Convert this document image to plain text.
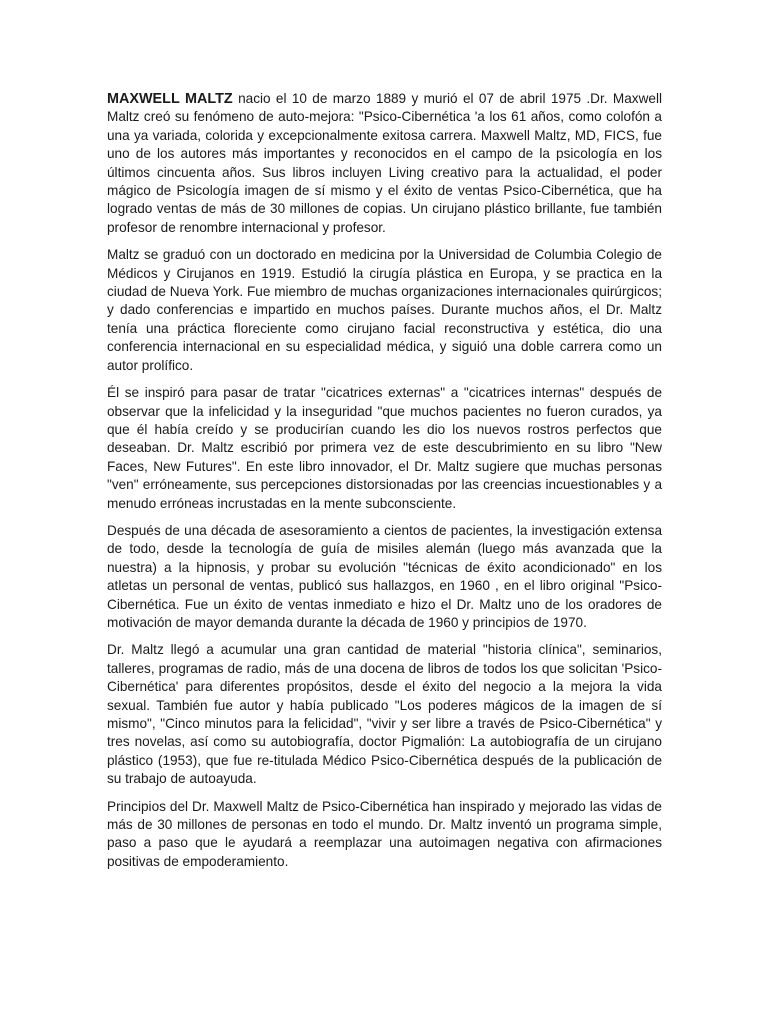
MAXWELL MALTZ nacio el 10 de marzo 1889 y murió el 07 de abril 1975 .Dr. Maxwell Maltz creó su fenómeno de auto-mejora: "Psico-Cibernética 'a los 61 años, como colofón a una ya variada, colorida y excepcionalmente exitosa carrera. Maxwell Maltz, MD, FICS, fue uno de los autores más importantes y reconocidos en el campo de la psicología en los últimos cincuenta años. Sus libros incluyen Living creativo para la actualidad, el poder mágico de Psicología imagen de sí mismo y el éxito de ventas Psico-Cibernética, que ha logrado ventas de más de 30 millones de copias. Un cirujano plástico brillante, fue también profesor de renombre internacional y profesor.

Maltz se graduó con un doctorado en medicina por la Universidad de Columbia Colegio de Médicos y Cirujanos en 1919. Estudió la cirugía plástica en Europa, y se practica en la ciudad de Nueva York. Fue miembro de muchas organizaciones internacionales quirúrgicos; y dado conferencias e impartido en muchos países. Durante muchos años, el Dr. Maltz tenía una práctica floreciente como cirujano facial reconstructiva y estética, dio una conferencia internacional en su especialidad médica, y siguió una doble carrera como un autor prolífico.

Él se inspiró para pasar de tratar "cicatrices externas" a "cicatrices internas" después de observar que la infelicidad y la inseguridad "que muchos pacientes no fueron curados, ya que él había creído y se producirían cuando les dio los nuevos rostros perfectos que deseaban. Dr. Maltz escribió por primera vez de este descubrimiento en su libro "New Faces, New Futures". En este libro innovador, el Dr. Maltz sugiere que muchas personas "ven" erróneamente, sus percepciones distorsionadas por las creencias incuestionables y a menudo erróneas incrustadas en la mente subconsciente.

Después de una década de asesoramiento a cientos de pacientes, la investigación extensa de todo, desde la tecnología de guía de misiles alemán (luego más avanzada que la nuestra) a la hipnosis, y probar su evolución "técnicas de éxito acondicionado" en los atletas un personal de ventas, publicó sus hallazgos, en 1960 , en el libro original "Psico-Cibernética. Fue un éxito de ventas inmediato e hizo el Dr. Maltz uno de los oradores de motivación de mayor demanda durante la década de 1960 y principios de 1970.

Dr. Maltz llegó a acumular una gran cantidad de material "historia clínica", seminarios, talleres, programas de radio, más de una docena de libros de todos los que solicitan 'Psico-Cibernética' para diferentes propósitos, desde el éxito del negocio a la mejora la vida sexual. También fue autor y había publicado "Los poderes mágicos de la imagen de sí mismo", "Cinco minutos para la felicidad", "vivir y ser libre a través de Psico-Cibernética" y tres novelas, así como su autobiografía, doctor Pigmalión: La autobiografía de un cirujano plástico (1953), que fue re-titulada Médico Psico-Cibernética después de la publicación de su trabajo de autoayuda.

Principios del Dr. Maxwell Maltz de Psico-Cibernética han inspirado y mejorado las vidas de más de 30 millones de personas en todo el mundo. Dr. Maltz inventó un programa simple, paso a paso que le ayudará a reemplazar una autoimagen negativa con afirmaciones positivas de empoderamiento.
